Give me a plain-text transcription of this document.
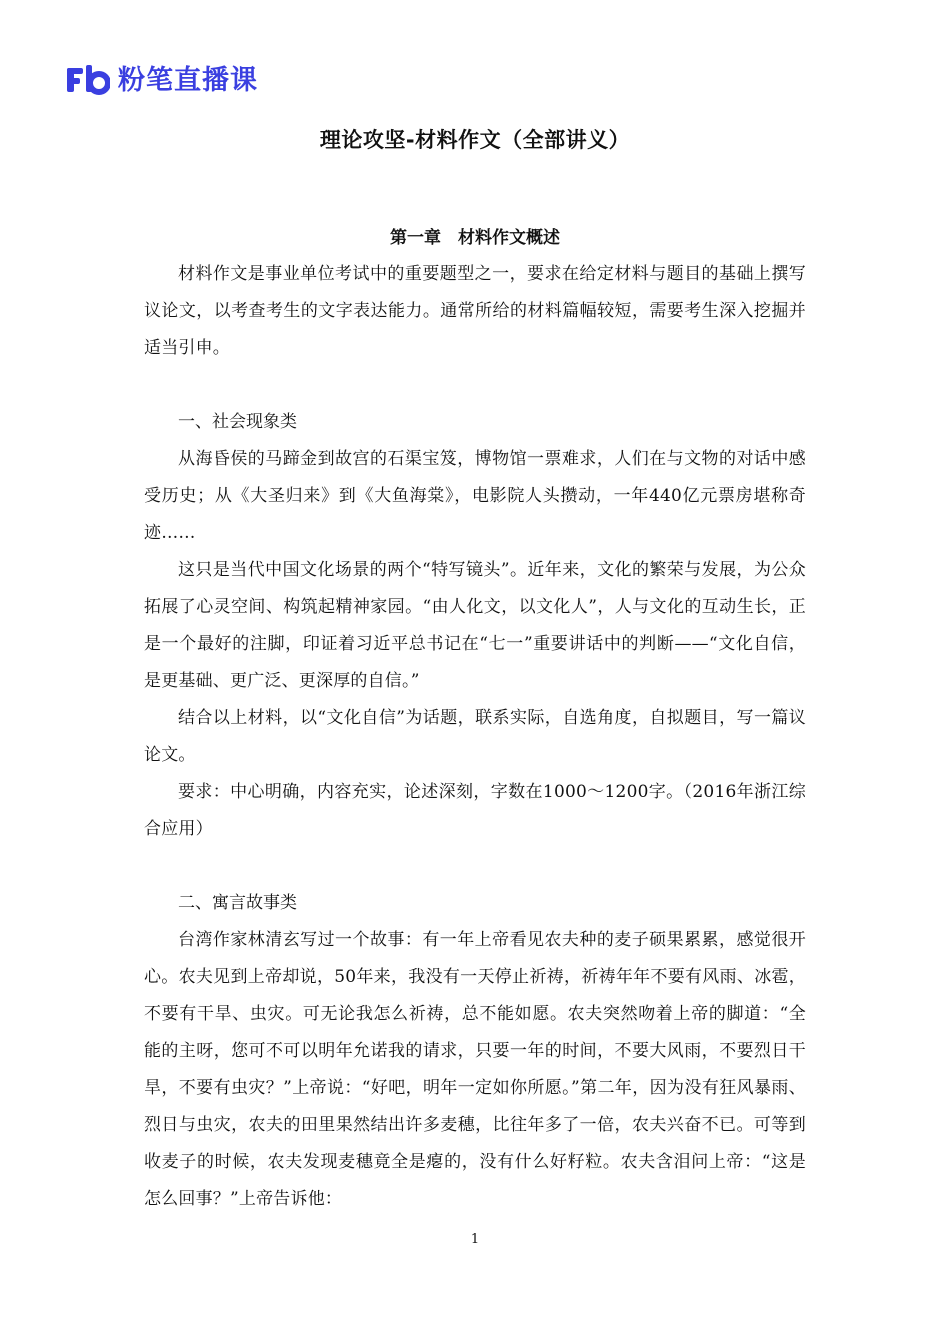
粉笔直播课
理论攻坚-材料作文（全部讲义）
第一章　材料作文概述

材料作文是事业单位考试中的重要题型之一，要求在给定材料与题目的基础上撰写议论文，以考查考生的文字表达能力。通常所给的材料篇幅较短，需要考生深入挖掘并适当引申。

一、社会现象类

从海昏侯的马蹄金到故宫的石渠宝笈，博物馆一票难求，人们在与文物的对话中感受历史；从《大圣归来》到《大鱼海棠》，电影院人头攒动，一年440亿元票房堪称奇迹……

这只是当代中国文化场景的两个“特写镜头”。近年来，文化的繁荣与发展，为公众拓展了心灵空间、构筑起精神家园。“由人化文，以文化人”，人与文化的互动生长，正是一个最好的注脚，印证着习近平总书记在“七一”重要讲话中的判断——“文化自信，是更基础、更广泛、更深厚的自信。”

结合以上材料，以“文化自信”为话题，联系实际，自选角度，自拟题目，写一篇议论文。

要求：中心明确，内容充实，论述深刻，字数在1000～1200字。（2016年浙江综合应用）

二、寓言故事类

台湾作家林清玄写过一个故事：有一年上帝看见农夫种的麦子硕果累累，感觉很开心。农夫见到上帝却说，50年来，我没有一天停止祈祷，祈祷年年不要有风雨、冰雹，不要有干旱、虫灾。可无论我怎么祈祷，总不能如愿。农夫突然吻着上帝的脚道：“全能的主呀，您可不可以明年允诺我的请求，只要一年的时间，不要大风雨，不要烈日干旱，不要有虫灾？”上帝说：“好吧，明年一定如你所愿。”第二年，因为没有狂风暴雨、烈日与虫灾，农夫的田里果然结出许多麦穗，比往年多了一倍，农夫兴奋不已。可等到收麦子的时候，农夫发现麦穗竟全是瘪的，没有什么好籽粒。农夫含泪问上帝：“这是怎么回事？”上帝告诉他：

1
